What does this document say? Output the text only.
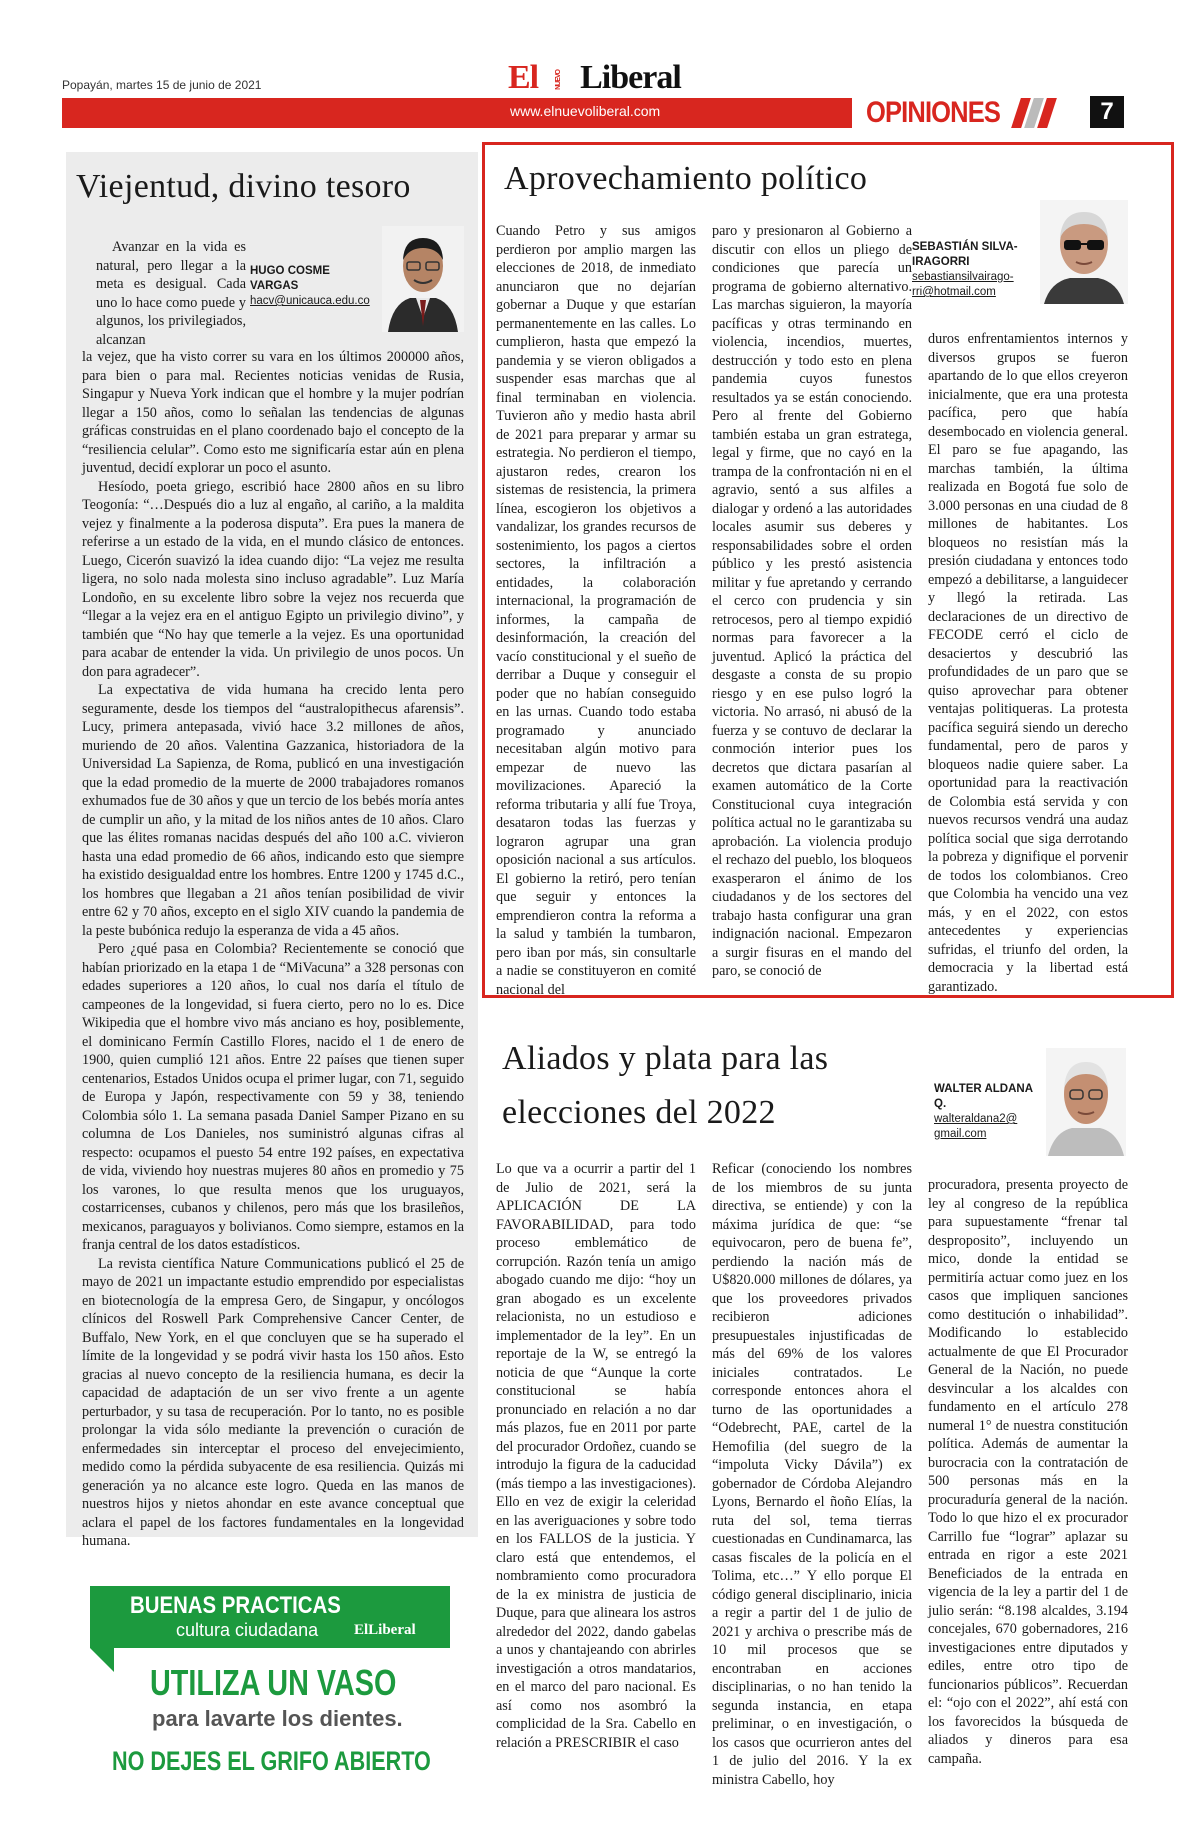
Popayán, martes 15 de junio de 2021	El NUEVO Liberal
www.elnuevoliberal.com	OPINIONES	7
Viejentud, divino tesoro
HUGO COSME VARGAS
hacv@unicauca.edu.co

Avanzar en la vida es natural, pero llegar a la meta es desigual. Cada uno lo hace como puede y algunos, los privilegiados, alcanzan

la vejez, que ha visto correr su vara en los últimos 200000 años, para bien o para mal. Recientes noticias venidas de Rusia, Singapur y Nueva York indican que el hombre y la mujer podrían llegar a 150 años, como lo señalan las tendencias de algunas gráficas construidas en el plano coordenado bajo el concepto de la “resiliencia celular”. Como esto me significaría estar aún en plena juventud, decidí explorar un poco el asunto.

Hesíodo, poeta griego, escribió hace 2800 años en su libro Teogonía: “…Después dio a luz al engaño, al cariño, a la maldita vejez y finalmente a la poderosa disputa”. Era pues la manera de referirse a un estado de la vida, en el mundo clásico de entonces. Luego, Cicerón suavizó la idea cuando dijo: “La vejez me resulta ligera, no solo nada molesta sino incluso agradable”. Luz María Londoño, en su excelente libro sobre la vejez nos recuerda que “llegar a la vejez era en el antiguo Egipto un privilegio divino”, y también que “No hay que temerle a la vejez. Es una oportunidad para acabar de entender la vida. Un privilegio de unos pocos. Un don para agradecer”.

La expectativa de vida humana ha crecido lenta pero seguramente, desde los tiempos del “australopithecus afarensis”. Lucy, primera antepasada, vivió hace 3.2 millones de años, muriendo de 20 años. Valentina Gazzanica, historiadora de la Universidad La Sapienza, de Roma, publicó en una investigación que la edad promedio de la muerte de 2000 trabajadores romanos exhumados fue de 30 años y que un tercio de los bebés moría antes de cumplir un año, y la mitad de los niños antes de 10 años. Claro que las élites romanas nacidas después del año 100 a.C. vivieron hasta una edad promedio de 66 años, indicando esto que siempre ha existido desigualdad entre los hombres. Entre 1200 y 1745 d.C., los hombres que llegaban a 21 años tenían posibilidad de vivir entre 62 y 70 años, excepto en el siglo XIV cuando la pandemia de la peste bubónica redujo la esperanza de vida a 45 años.

Pero ¿qué pasa en Colombia? Recientemente se conoció que habían priorizado en la etapa 1 de “MiVacuna” a 328 personas con edades superiores a 120 años, lo cual nos daría el título de campeones de la longevidad, si fuera cierto, pero no lo es. Dice Wikipedia que el hombre vivo más anciano es hoy, posiblemente, el dominicano Fermín Castillo Flores, nacido el 1 de enero de 1900, quien cumplió 121 años. Entre 22 países que tienen super centenarios, Estados Unidos ocupa el primer lugar, con 71, seguido de Europa y Japón, respectivamente con 59 y 38, teniendo Colombia sólo 1. La semana pasada Daniel Samper Pizano en su columna de Los Danieles, nos suministró algunas cifras al respecto: ocupamos el puesto 54 entre 192 países, en expectativa de vida, viviendo hoy nuestras mujeres 80 años en promedio y 75 los varones, lo que resulta menos que los uruguayos, costarricenses, cubanos y chilenos, pero más que los brasileños, mexicanos, paraguayos y bolivianos. Como siempre, estamos en la franja central de los datos estadísticos.

La revista científica Nature Communications publicó el 25 de mayo de 2021 un impactante estudio emprendido por especialistas en biotecnología de la empresa Gero, de Singapur, y oncólogos clínicos del Roswell Park Comprehensive Cancer Center, de Buffalo, New York, en el que concluyen que se ha superado el límite de la longevidad y se podrá vivir hasta los 150 años. Esto gracias al nuevo concepto de la resiliencia humana, es decir la capacidad de adaptación de un ser vivo frente a un agente perturbador, y su tasa de recuperación. Por lo tanto, no es posible prolongar la vida sólo mediante la prevención o curación de enfermedades sin interceptar el proceso del envejecimiento, medido como la pérdida subyacente de esa resiliencia. Quizás mi generación ya no alcance este logro. Queda en las manos de nuestros hijos y nietos ahondar en este avance conceptual que aclara el papel de los factores fundamentales en la longevidad humana.

Aprovechamiento político
SEBASTIÁN SILVA-
IRAGORRI
sebastiansilvairago-
rri@hotmail.com
Cuando Petro y sus amigos perdieron por amplio margen las elecciones de 2018, de inmediato anunciaron que no dejarían gobernar a Duque y que estarían permanentemente en las calles. Lo cumplieron, hasta que empezó la pandemia y se vieron obligados a suspender esas marchas que al final terminaban en violencia. Tuvieron año y medio hasta abril de 2021 para preparar y armar su estrategia. No perdieron el tiempo, ajustaron redes, crearon los sistemas de resistencia, la primera línea, escogieron los objetivos a vandalizar, los grandes recursos de sostenimiento, los pagos a ciertos sectores, la infiltración a entidades, la colaboración internacional, la programación de informes, la campaña de desinformación, la creación del vacío constitucional y el sueño de derribar a Duque y conseguir el poder que no habían conseguido en las urnas. Cuando todo estaba programado y anunciado necesitaban algún motivo para empezar de nuevo las movilizaciones. Apareció la reforma tributaria y allí fue Troya, desataron todas las fuerzas y lograron agrupar una gran oposición nacional a sus artículos. El gobierno la retiró, pero tenían que seguir y entonces la emprendieron contra la reforma a la salud y también la tumbaron, pero iban por más, sin consultarle a nadie se constituyeron en comité nacional del
paro y presionaron al Gobierno a discutir con ellos un pliego de condiciones que parecía un programa de gobierno alternativo. Las marchas siguieron, la mayoría pacíficas y otras terminando en violencia, incendios, muertes, destrucción y todo esto en plena pandemia cuyos funestos resultados ya se están conociendo. Pero al frente del Gobierno también estaba un gran estratega, legal y firme, que no cayó en la trampa de la confrontación ni en el agravio, sentó a sus alfiles a dialogar y ordenó a las autoridades locales asumir sus deberes y responsabilidades sobre el orden público y les prestó asistencia militar y fue apretando y cerrando el cerco con prudencia y sin retrocesos, pero al tiempo expidió normas para favorecer a la juventud. Aplicó la práctica del desgaste a consta de su propio riesgo y en ese pulso logró la victoria. No arrasó, ni abusó de la fuerza y se contuvo de declarar la conmoción interior pues los decretos que dictara pasarían al examen automático de la Corte Constitucional cuya integración política actual no le garantizaba su aprobación. La violencia produjo el rechazo del pueblo, los bloqueos exasperaron el ánimo de los ciudadanos y de los sectores del trabajo hasta configurar una gran indignación nacional. Empezaron a surgir fisuras en el mando del paro, se conoció de
duros enfrentamientos internos y diversos grupos se fueron apartando de lo que ellos creyeron inicialmente, que era una protesta pacífica, pero que había desembocado en violencia general. El paro se fue apagando, las marchas también, la última realizada en Bogotá fue solo de 3.000 personas en una ciudad de 8 millones de habitantes. Los bloqueos no resistían más la presión ciudadana y entonces todo empezó a debilitarse, a languidecer y llegó la retirada. Las declaraciones de un directivo de FECODE cerró el ciclo de desaciertos y descubrió las profundidades de un paro que se quiso aprovechar para obtener ventajas politiqueras. La protesta pacífica seguirá siendo un derecho fundamental, pero de paros y bloqueos nadie quiere saber. La oportunidad para la reactivación de Colombia está servida y con nuevos recursos vendrá una audaz política social que siga derrotando la pobreza y dignifique el porvenir de todos los colombianos. Creo que Colombia ha vencido una vez más, y en el 2022, con estos antecedentes y experiencias sufridas, el triunfo del orden, la democracia y la libertad está garantizado.
Aliados y plata para las
elecciones del 2022
WALTER ALDANA Q.
walteraldana2@
gmail.com
Lo que va a ocurrir a partir del 1 de Julio de 2021, será la APLICACIÓN DE LA FAVORABILIDAD, para todo proceso emblemático de corrupción. Razón tenía un amigo abogado cuando me dijo: “hoy un gran abogado es un excelente relacionista, no un estudioso e implementador de la ley”. En un reportaje de la W, se entregó la noticia de que “Aunque la corte constitucional se había pronunciado en relación a no dar más plazos, fue en 2011 por parte del procurador Ordoñez, cuando se introdujo la figura de la caducidad (más tiempo a las investigaciones). Ello en vez de exigir la celeridad en las averiguaciones y sobre todo en los FALLOS de la justicia. Y claro está que entendemos, el nombramiento como procuradora de la ex ministra de justicia de Duque, para que alineara los astros alrededor del 2022, dando gabelas a unos y chantajeando con abrirles investigación a otros mandatarios, en el marco del paro nacional. Es así como nos asombró la complicidad de la Sra. Cabello en relación a PRESCRIBIR el caso
Reficar (conociendo los nombres de los miembros de su junta directiva, se entiende) y con la máxima jurídica de que: “se equivocaron, pero de buena fe”, perdiendo la nación más de U$820.000 millones de dólares, ya que los proveedores privados recibieron adiciones presupuestales injustificadas de más del 69% de los valores iniciales contratados. Le corresponde entonces ahora el turno de las oportunidades a “Odebrecht, PAE, cartel de la Hemofilia (del suegro de la “impoluta Vicky Dávila”) ex gobernador de Córdoba Alejandro Lyons, Bernardo el ñoño Elías, la ruta del sol, tema tierras cuestionadas en Cundinamarca, las casas fiscales de la policía en el Tolima, etc…” Y ello porque El código general disciplinario, inicia a regir a partir del 1 de julio de 2021 y archiva o prescribe más de 10 mil procesos que se encontraban en acciones disciplinarias, o no han tenido la segunda instancia, en etapa preliminar, o en investigación, o los casos que ocurrieron antes del 1 de julio del 2016. Y la ex ministra Cabello, hoy
procuradora, presenta proyecto de ley al congreso de la república para supuestamente “frenar tal desproposito”, incluyendo un mico, donde la entidad se permitiría actuar como juez en los casos que impliquen sanciones como destitución o inhabilidad”. Modificando lo establecido actualmente de que El Procurador General de la Nación, no puede desvincular a los alcaldes con fundamento en el artículo 278 numeral 1° de nuestra constitución política. Además de aumentar la burocracia con la contratación de 500 personas más en la procuraduría general de la nación. Todo lo que hizo el ex procurador Carrillo fue “lograr” aplazar su entrada en rigor a este 2021 Beneficiados de la entrada en vigencia de la ley a partir del 1 de julio serán: “8.198 alcaldes, 3.194 concejales, 670 gobernadores, 216 investigaciones entre diputados y ediles, entre otro tipo de funcionarios públicos”. Recuerdan el: “ojo con el 2022”, ahí está con los favorecidos la búsqueda de aliados y dineros para esa campaña.
BUENAS PRACTICAS
cultura ciudadana ElLiberal
UTILIZA UN VASO
para lavarte los dientes.
NO DEJES EL GRIFO ABIERTO
